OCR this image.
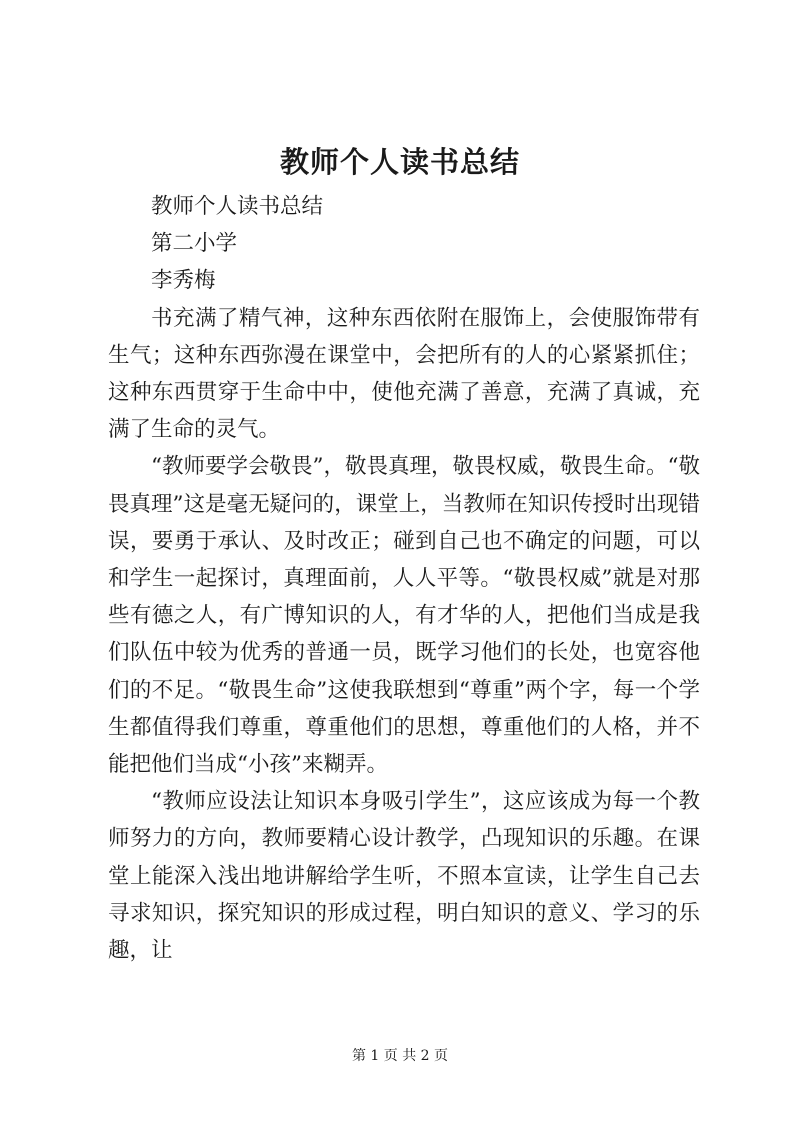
教师个人读书总结

教师个人读书总结

第二小学

李秀梅

书充满了精气神，这种东西依附在服饰上，会使服饰带有生气；这种东西弥漫在课堂中，会把所有的人的心紧紧抓住；这种东西贯穿于生命中中，使他充满了善意，充满了真诚，充满了生命的灵气。

“教师要学会敬畏”，敬畏真理，敬畏权威，敬畏生命。“敬畏真理”这是毫无疑问的，课堂上，当教师在知识传授时出现错误，要勇于承认、及时改正；碰到自己也不确定的问题，可以和学生一起探讨，真理面前，人人平等。“敬畏权威”就是对那些有德之人，有广博知识的人，有才华的人，把他们当成是我们队伍中较为优秀的普通一员，既学习他们的长处，也宽容他们的不足。“敬畏生命”这使我联想到“尊重”两个字，每一个学生都值得我们尊重，尊重他们的思想，尊重他们的人格，并不能把他们当成“小孩”来糊弄。

“教师应设法让知识本身吸引学生”，这应该成为每一个教师努力的方向，教师要精心设计教学，凸现知识的乐趣。在课堂上能深入浅出地讲解给学生听，不照本宣读，让学生自己去寻求知识，探究知识的形成过程，明白知识的意义、学习的乐趣，让

第 1 页 共 2 页
